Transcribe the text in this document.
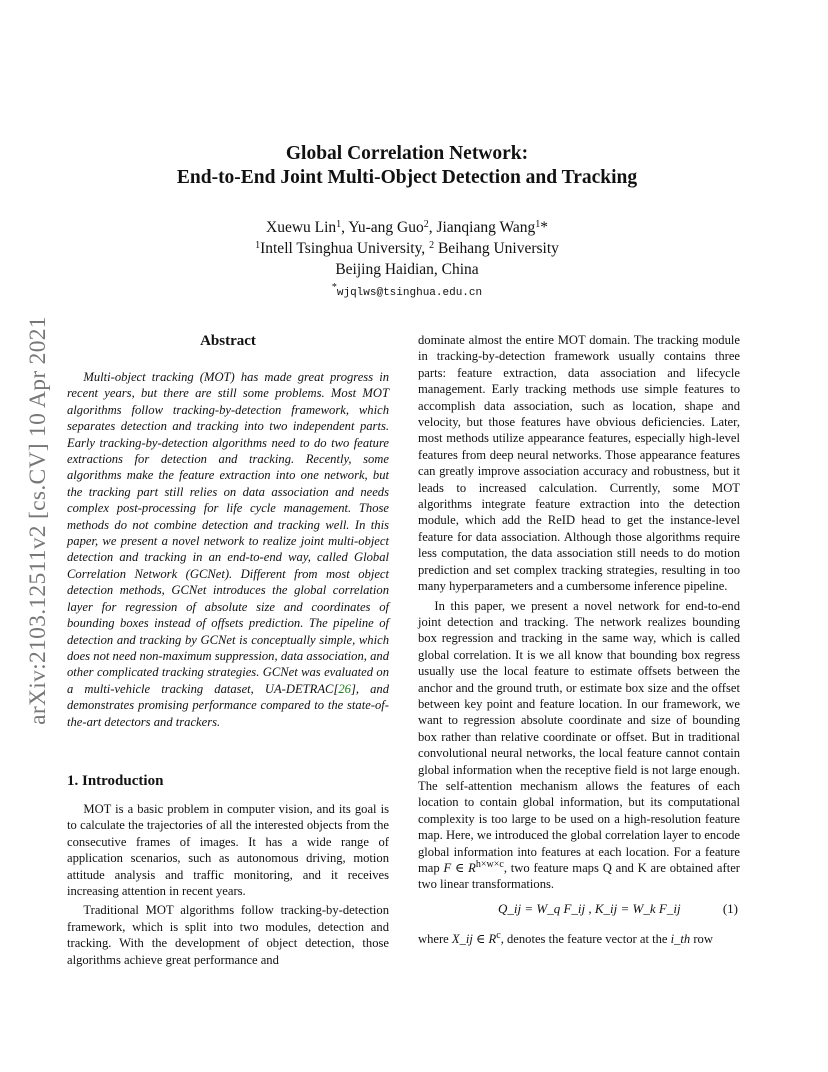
arXiv:2103.12511v2 [cs.CV] 10 Apr 2021
Global Correlation Network:
End-to-End Joint Multi-Object Detection and Tracking
Xuewu Lin$^1$, Yu-ang Guo$^2$, Jianqiang Wang$^1$*
$^1$Intell Tsinghua University, $^2$ Beihang University
Beijing Haidian, China
*wjqlws@tsinghua.edu.cn
Abstract

Multi-object tracking (MOT) has made great progress in recent years, but there are still some problems. Most MOT algorithms follow tracking-by-detection framework, which separates detection and tracking into two independent parts. Early tracking-by-detection algorithms need to do two feature extractions for detection and tracking. Recently, some algorithms make the feature extraction into one network, but the tracking part still relies on data association and needs complex post-processing for life cycle management. Those methods do not combine detection and tracking well. In this paper, we present a novel network to realize joint multi-object detection and tracking in an end-to-end way, called Global Correlation Network (GCNet). Different from most object detection methods, GCNet introduces the global correlation layer for regression of absolute size and coordinates of bounding boxes instead of offsets prediction. The pipeline of detection and tracking by GCNet is conceptually simple, which does not need non-maximum suppression, data association, and other complicated tracking strategies. GCNet was evaluated on a multi-vehicle tracking dataset, UA-DETRAC[26], and demonstrates promising performance compared to the state-of-the-art detectors and trackers.

1. Introduction

MOT is a basic problem in computer vision, and its goal is to calculate the trajectories of all the interested objects from the consecutive frames of images. It has a wide range of application scenarios, such as autonomous driving, motion attitude analysis and traffic monitoring, and it receives increasing attention in recent years.

Traditional MOT algorithms follow tracking-by-detection framework, which is split into two modules, detection and tracking. With the development of object detection, those algorithms achieve great performance and

dominate almost the entire MOT domain. The tracking module in tracking-by-detection framework usually contains three parts: feature extraction, data association and lifecycle management. Early tracking methods use simple features to accomplish data association, such as location, shape and velocity, but those features have obvious deficiencies. Later, most methods utilize appearance features, especially high-level features from deep neural networks. Those appearance features can greatly improve association accuracy and robustness, but it leads to increased calculation. Currently, some MOT algorithms integrate feature extraction into the detection module, which add the ReID head to get the instance-level feature for data association. Although those algorithms require less computation, the data association still needs to do motion prediction and set complex tracking strategies, resulting in too many hyperparameters and a cumbersome inference pipeline.

In this paper, we present a novel network for end-to-end joint detection and tracking. The network realizes bounding box regression and tracking in the same way, which is called global correlation. It is we all know that bounding box regress usually use the local feature to estimate offsets between the anchor and the ground truth, or estimate box size and the offset between key point and feature location. In our framework, we want to regression absolute coordinate and size of bounding box rather than relative coordinate or offset. But in traditional convolutional neural networks, the local feature cannot contain global information when the receptive field is not large enough. The self-attention mechanism allows the features of each location to contain global information, but its computational complexity is too large to be used on a high-resolution feature map. Here, we introduced the global correlation layer to encode global information into features at each location. For a feature map F ∈ $R^{h\times w\times c}$, two feature maps Q and K are obtained after two linear transformations.

Q_ij = W_q F_ij , K_ij = W_k F_ij	(1)

where X_ij ∈ $R^c$, denotes the feature vector at the i_th row
